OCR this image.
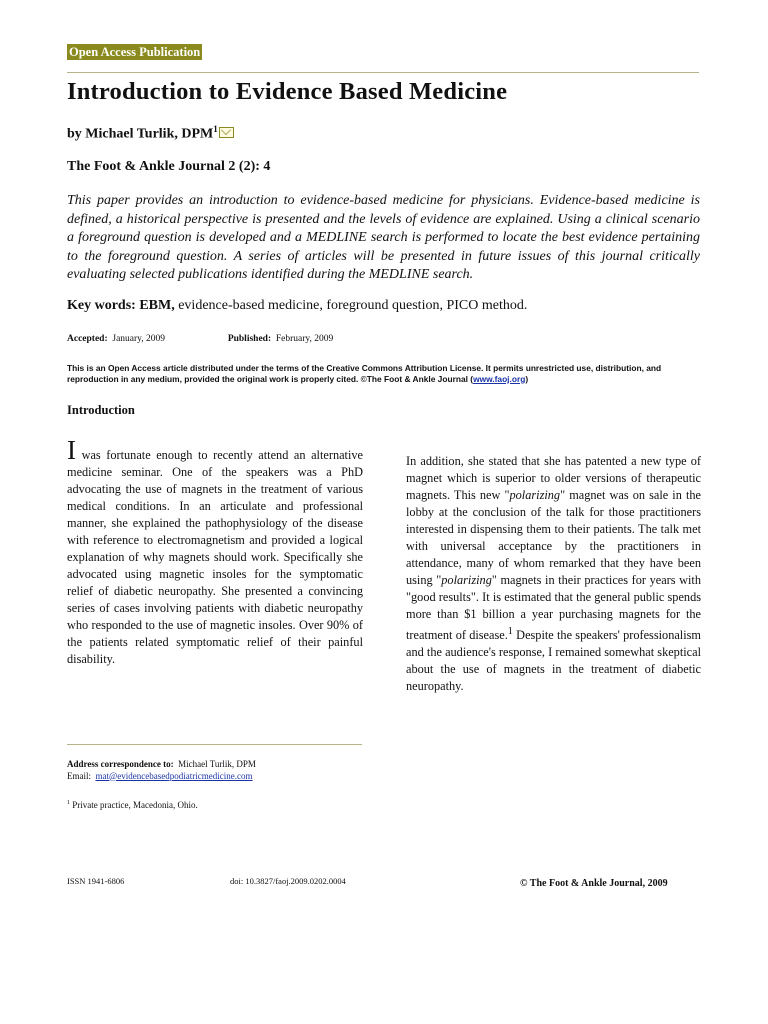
Open Access Publication
Introduction to Evidence Based Medicine
by Michael Turlik, DPM$^1$
The Foot & Ankle Journal 2 (2): 4

This paper provides an introduction to evidence-based medicine for physicians. Evidence-based medicine is defined, a historical perspective is presented and the levels of evidence are explained. Using a clinical scenario a foreground question is developed and a MEDLINE search is performed to locate the best evidence pertaining to the foreground question. A series of articles will be presented in future issues of this journal critically evaluating selected publications identified during the MEDLINE search.

Key words: EBM, evidence-based medicine, foreground question, PICO method.
Accepted: January, 2009	Published: February, 2009

This is an Open Access article distributed under the terms of the Creative Commons Attribution License. It permits unrestricted use, distribution, and reproduction in any medium, provided the original work is properly cited. ©The Foot & Ankle Journal (www.faoj.org)

Introduction

I was fortunate enough to recently attend an alternative medicine seminar. One of the speakers was a PhD advocating the use of magnets in the treatment of various medical conditions. In an articulate and professional manner, she explained the pathophysiology of the disease with reference to electromagnetism and provided a logical explanation of why magnets should work. Specifically she advocated using magnetic insoles for the symptomatic relief of diabetic neuropathy. She presented a convincing series of cases involving patients with diabetic neuropathy who responded to the use of magnetic insoles. Over 90% of the patients related symptomatic relief of their painful disability.

In addition, she stated that she has patented a new type of magnet which is superior to older versions of therapeutic magnets. This new "polarizing" magnet was on sale in the lobby at the conclusion of the talk for those practitioners interested in dispensing them to their patients. The talk met with universal acceptance by the practitioners in attendance, many of whom remarked that they have been using "polarizing" magnets in their practices for years with "good results". It is estimated that the general public spends more than $1 billion a year purchasing magnets for the treatment of disease.$^1$ Despite the speakers' professionalism and the audience's response, I remained somewhat skeptical about the use of magnets in the treatment of diabetic neuropathy.

Address correspondence to: Michael Turlik, DPM
Email: mat@evidencebasedpodiatricmedicine.com
$^1$ Private practice, Macedonia, Ohio.
ISSN 1941-6806	doi: 10.3827/faoj.2009.0202.0004	© The Foot & Ankle Journal, 2009
